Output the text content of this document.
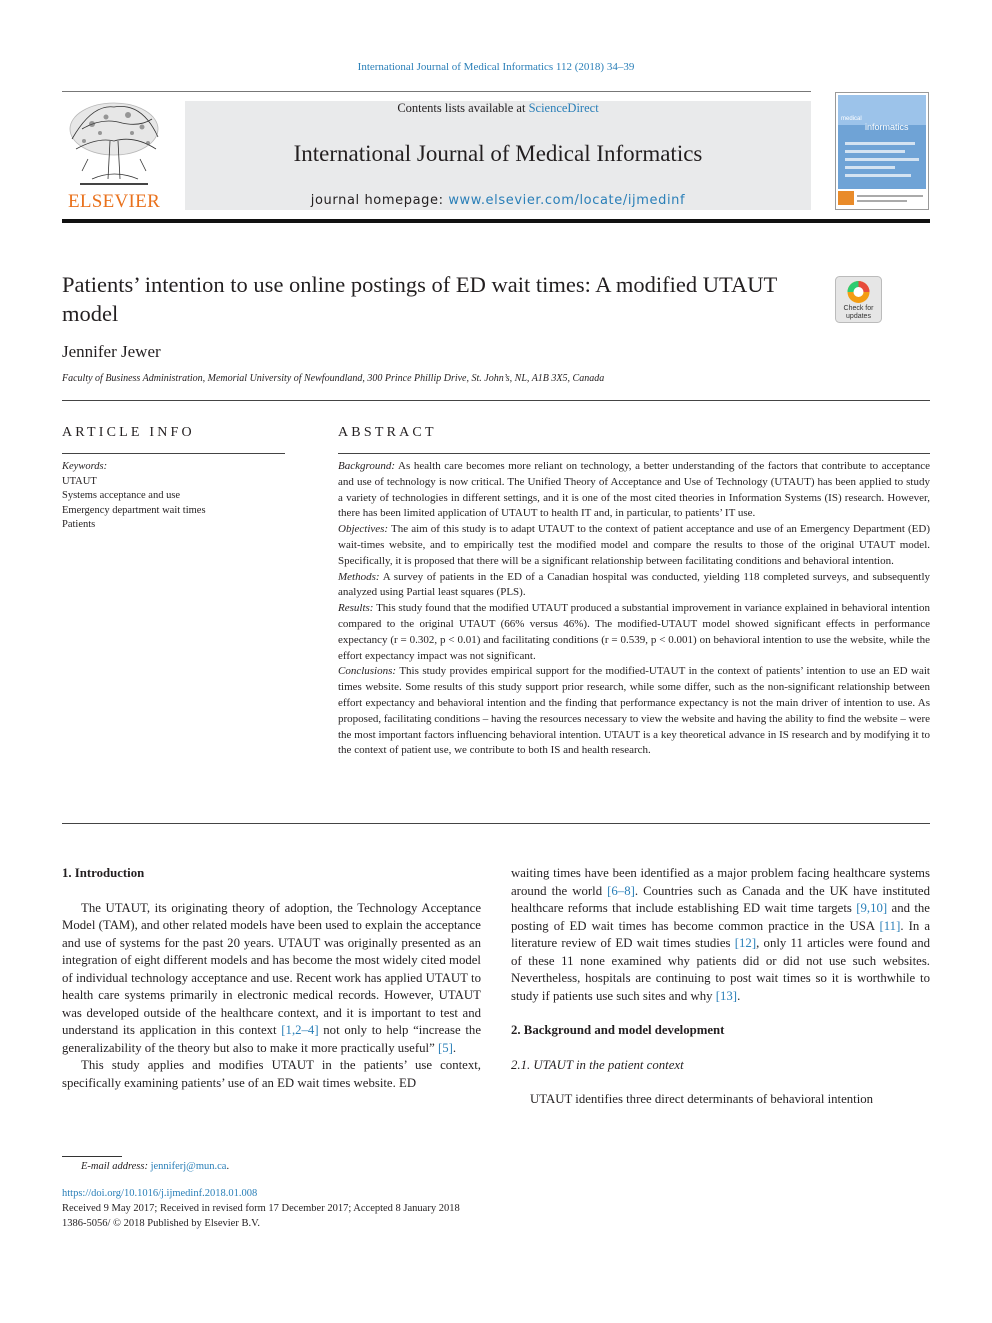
International Journal of Medical Informatics 112 (2018) 34–39
ELSEVIER
Contents lists available at ScienceDirect
International Journal of Medical Informatics
journal homepage: www.elsevier.com/locate/ijmedinf
medical
informatics
Patients’ intention to use online postings of ED wait times: A modified UTAUT model	Check for
updates
Jennifer Jewer
Faculty of Business Administration, Memorial University of Newfoundland, 300 Prince Phillip Drive, St. John’s, NL, A1B 3X5, Canada
ARTICLE INFO	ABSTRACT
Keywords:
UTAUT
Systems acceptance and use
Emergency department wait times
Patients

Background: As health care becomes more reliant on technology, a better understanding of the factors that contribute to acceptance and use of technology is now critical. The Unified Theory of Acceptance and Use of Technology (UTAUT) has been applied to study a variety of technologies in different settings, and it is one of the most cited theories in Information Systems (IS) research. However, there has been limited application of UTAUT to health IT and, in particular, to patients’ IT use.

Objectives: The aim of this study is to adapt UTAUT to the context of patient acceptance and use of an Emergency Department (ED) wait-times website, and to empirically test the modified model and compare the results to those of the original UTAUT model. Specifically, it is proposed that there will be a significant relationship between facilitating conditions and behavioral intention.

Methods: A survey of patients in the ED of a Canadian hospital was conducted, yielding 118 completed surveys, and subsequently analyzed using Partial least squares (PLS).

Results: This study found that the modified UTAUT produced a substantial improvement in variance explained in behavioral intention compared to the original UTAUT (66% versus 46%). The modified-UTAUT model showed significant effects in performance expectancy (r = 0.302, p < 0.01) and facilitating conditions (r = 0.539, p < 0.001) on behavioral intention to use the website, while the effort expectancy impact was not significant.

Conclusions: This study provides empirical support for the modified-UTAUT in the context of patients’ intention to use an ED wait times website. Some results of this study support prior research, while some differ, such as the non-significant relationship between effort expectancy and behavioral intention and the finding that performance expectancy is not the main driver of intention to use. As proposed, facilitating conditions – having the resources necessary to view the website and having the ability to find the website – were the most important factors influencing behavioral intention. UTAUT is a key theoretical advance in IS research and by modifying it to the context of patient use, we contribute to both IS and health research.

1. Introduction

The UTAUT, its originating theory of adoption, the Technology Acceptance Model (TAM), and other related models have been used to explain the acceptance and use of systems for the past 20 years. UTAUT was originally presented as an integration of eight different models and has become the most widely cited model of individual technology acceptance and use. Recent work has applied UTAUT to health care systems primarily in electronic medical records. However, UTAUT was developed outside of the healthcare context, and it is important to test and understand its application in this context [1,2–4] not only to help “increase the generalizability of the theory but also to make it more practically useful” [5].

This study applies and modifies UTAUT in the patients’ use context, specifically examining patients’ use of an ED wait times website. ED

waiting times have been identified as a major problem facing healthcare systems around the world [6–8]. Countries such as Canada and the UK have instituted healthcare reforms that include establishing ED wait time targets [9,10] and the posting of ED wait times has become common practice in the USA [11]. In a literature review of ED wait times studies [12], only 11 articles were found and of these 11 none examined why patients did or did not use such websites. Nevertheless, hospitals are continuing to post wait times so it is worthwhile to study if patients use such sites and why [13].

2. Background and model development

2.1. UTAUT in the patient context

UTAUT identifies three direct determinants of behavioral intention

E-mail address: jenniferj@mun.ca.
https://doi.org/10.1016/j.ijmedinf.2018.01.008
Received 9 May 2017; Received in revised form 17 December 2017; Accepted 8 January 2018
1386-5056/ © 2018 Published by Elsevier B.V.
